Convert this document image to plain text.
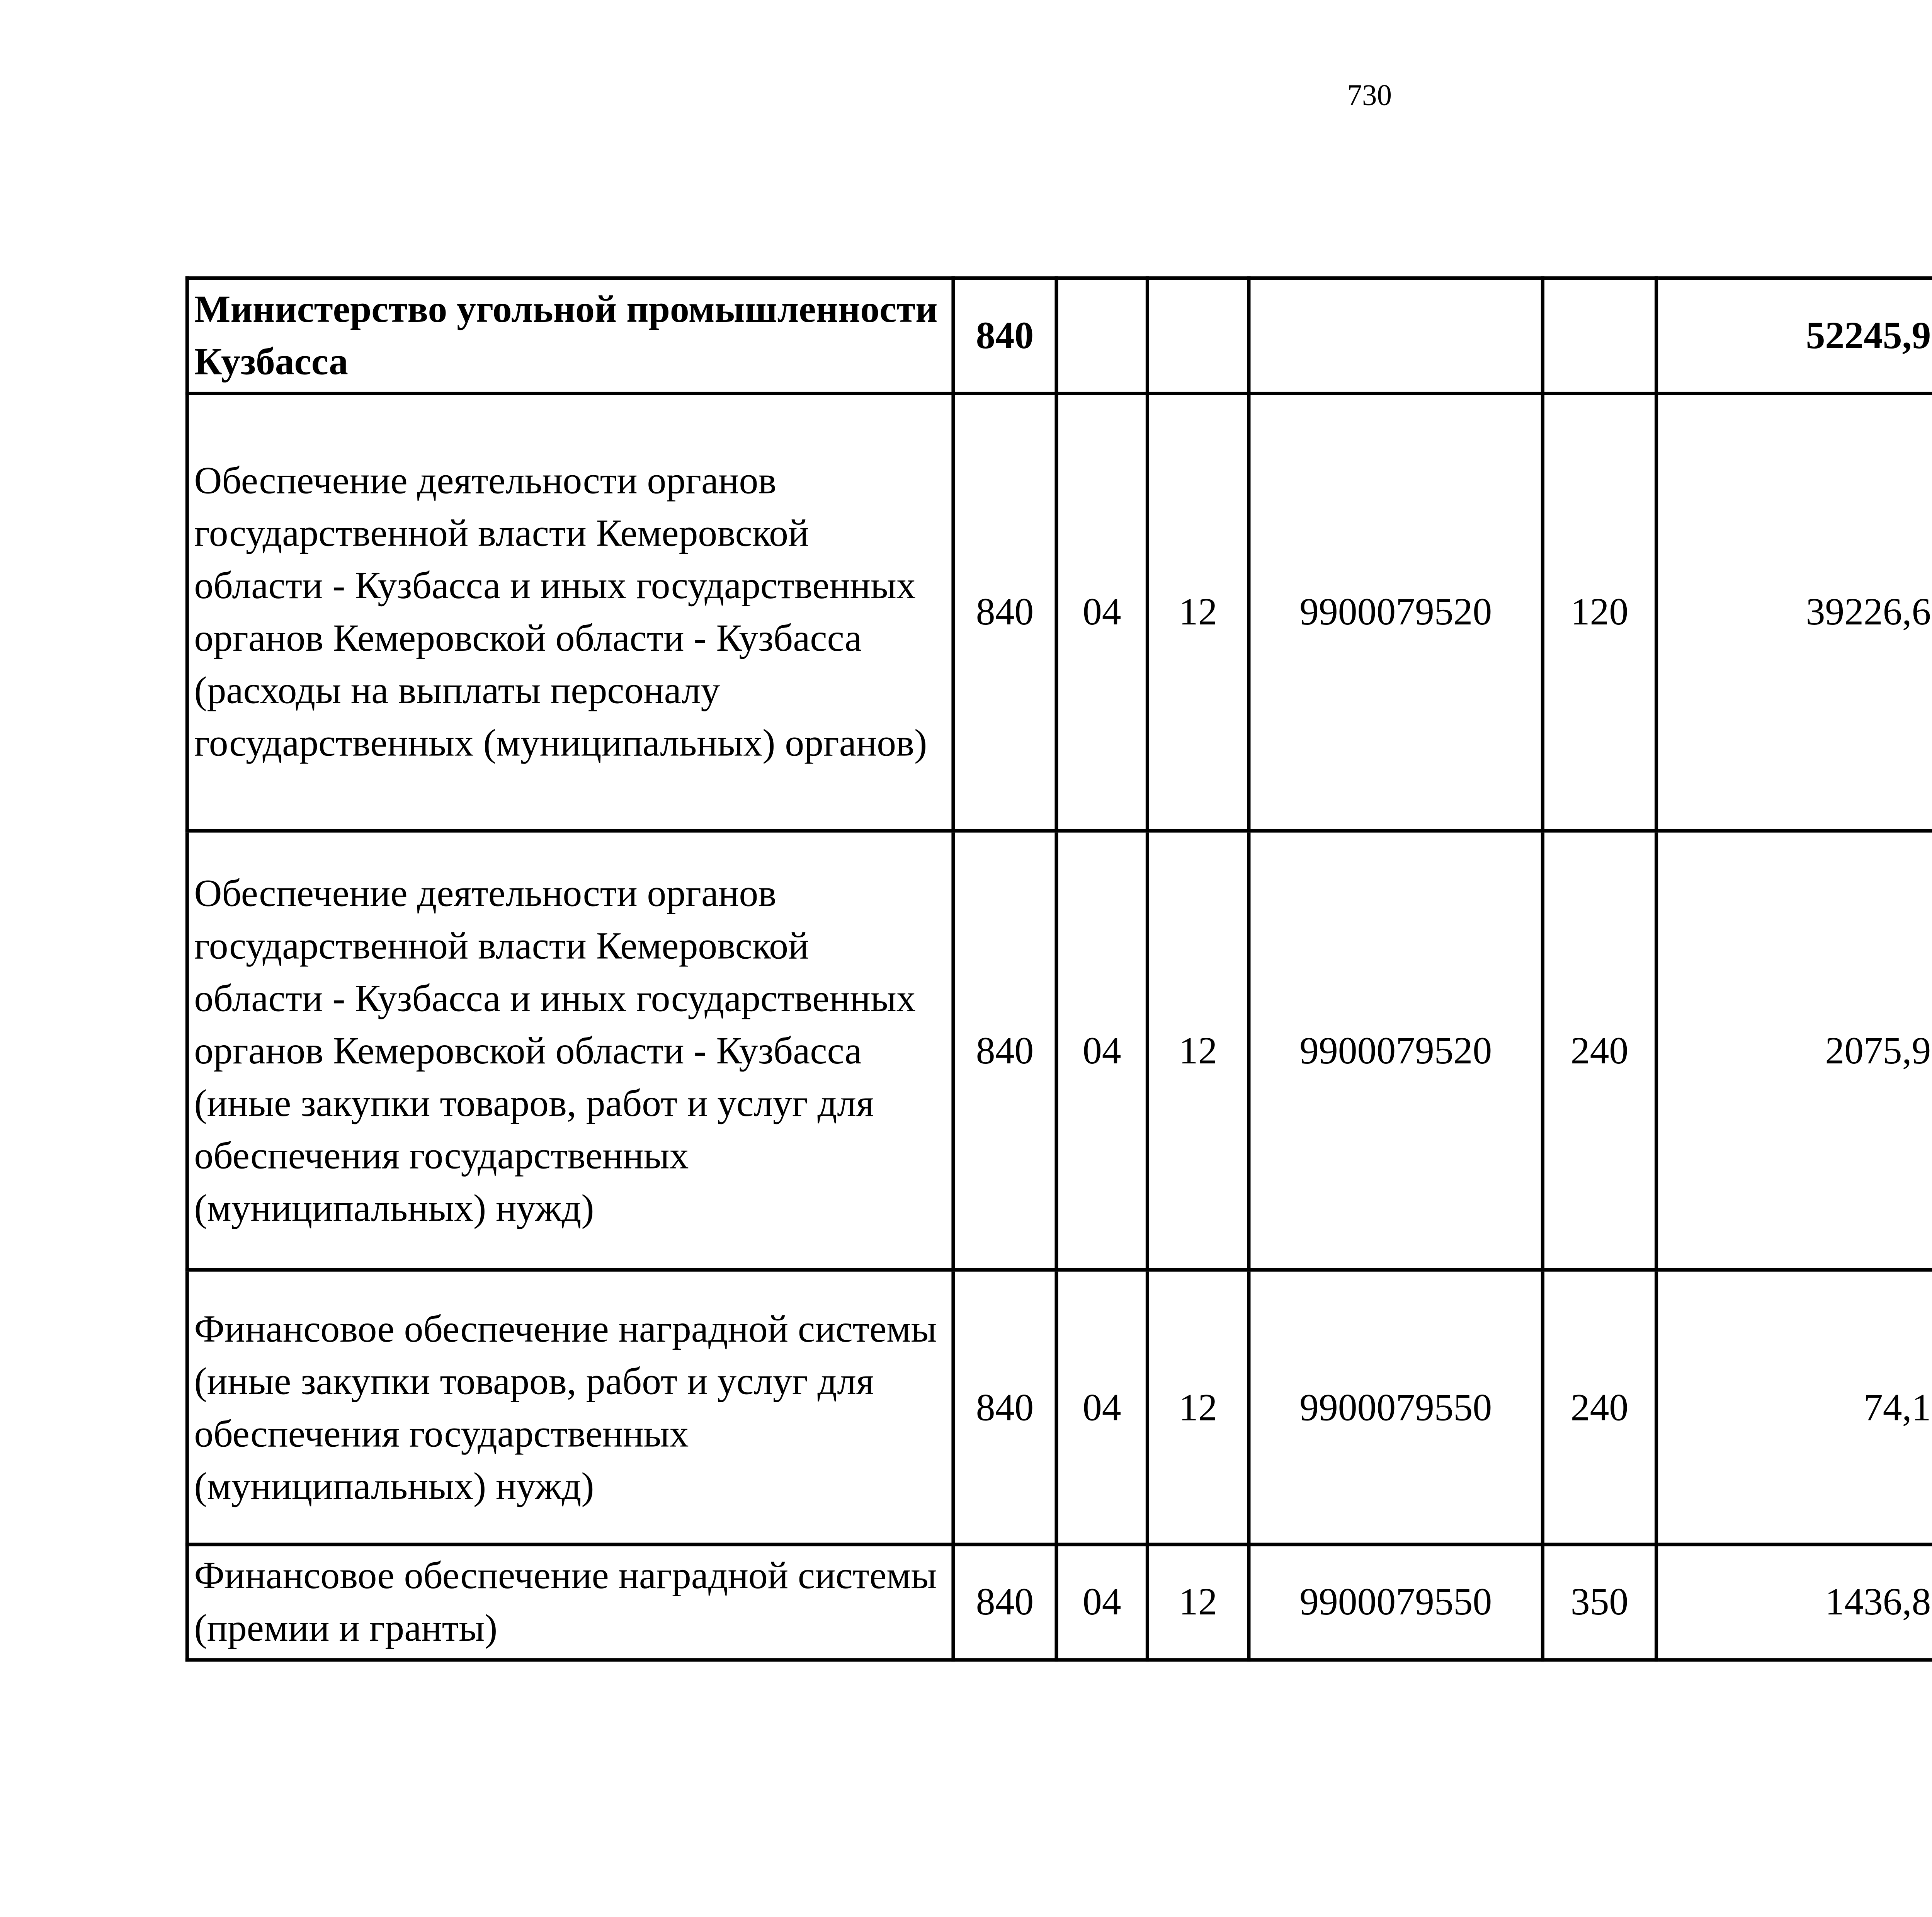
730
Министерство угольной промышленности Кузбасса	840					52245,9		
Обеспечение деятельности органов государственной власти Кемеровской области - Кузбасса и иных государственных органов Кемеровской области - Кузбасса (расходы на выплаты персоналу государственных (муниципальных) органов)	840	04	12	9900079520	120	39226,6		
Обеспечение деятельности органов государственной власти Кемеровской области - Кузбасса и иных государственных органов Кемеровской области - Кузбасса (иные закупки товаров, работ и услуг для обеспечения государственных (муниципальных) нужд)	840	04	12	9900079520	240	2075,9		
Финансовое обеспечение наградной системы (иные закупки товаров, работ и услуг для обеспечения государственных (муниципальных) нужд)	840	04	12	9900079550	240	74,1		
Финансовое обеспечение наградной системы (премии и гранты)	840	04	12	9900079550	350	1436,8		
